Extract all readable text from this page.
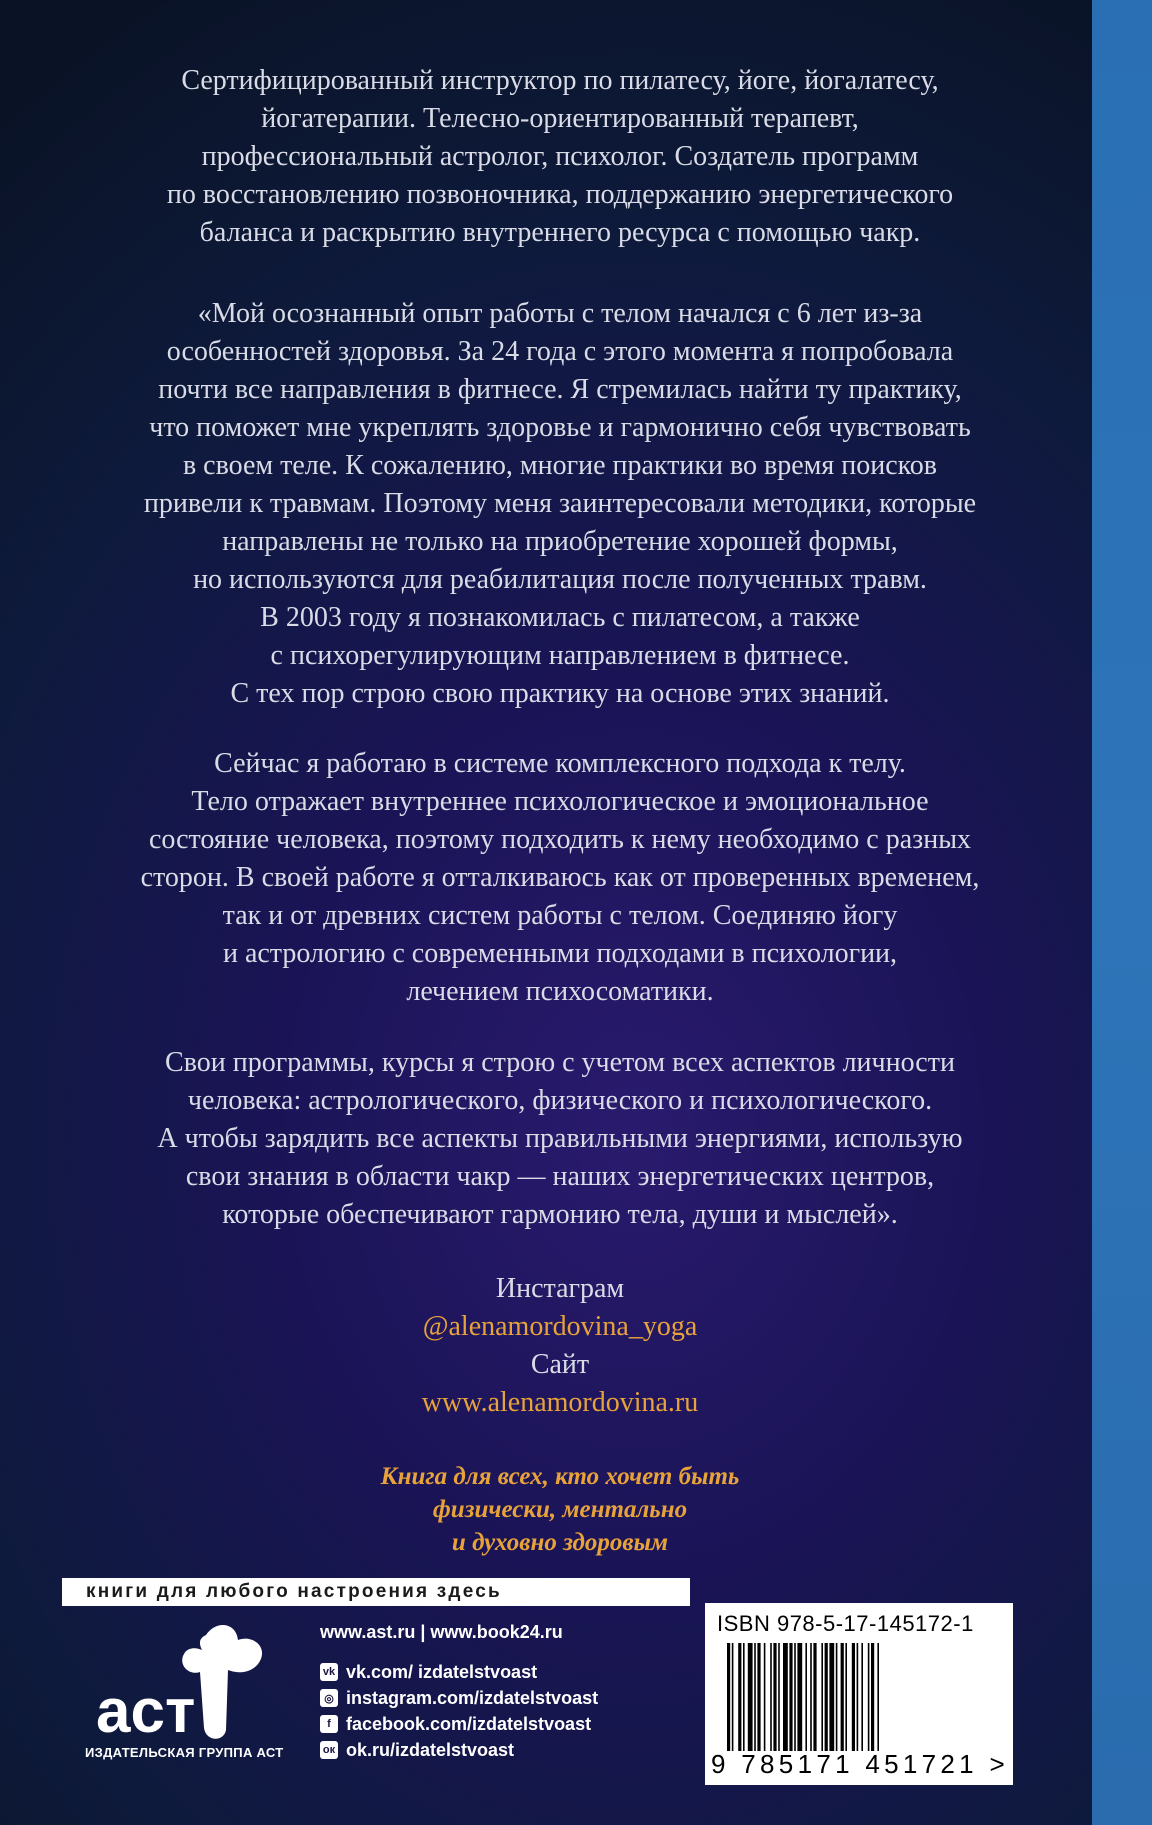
Сертифицированный инструктор по пилатесу, йоге, йогалатесу,

йогатерапии. Телесно-ориентированный терапевт,

профессиональный астролог, психолог. Создатель программ

по восстановлению позвоночника, поддержанию энергетического

баланса и раскрытию внутреннего ресурса с помощью чакр.

«Мой осознанный опыт работы с телом начался с 6 лет из-за

особенностей здоровья. За 24 года с этого момента я попробовала

почти все направления в фитнесе. Я стремилась найти ту практику,

что поможет мне укреплять здоровье и гармонично себя чувствовать

в своем теле. К сожалению, многие практики во время поисков

привели к травмам. Поэтому меня заинтересовали методики, которые

направлены не только на приобретение хорошей формы,

но используются для реабилитация после полученных травм.

В 2003 году я познакомилась с пилатесом, а также

с психорегулирующим направлением в фитнесе.

С тех пор строю свою практику на основе этих знаний.

Сейчас я работаю в системе комплексного подхода к телу.

Тело отражает внутреннее психологическое и эмоциональное

состояние человека, поэтому подходить к нему необходимо с разных

сторон. В своей работе я отталкиваюсь как от проверенных временем,

так и от древних систем работы с телом. Соединяю йогу

и астрологию с современными подходами в психологии,

лечением психосоматики.

Свои программы, курсы я строю с учетом всех аспектов личности

человека: астрологического, физического и психологического.

А чтобы зарядить все аспекты правильными энергиями, использую

свои знания в области чакр — наших энергетических центров,

которые обеспечивают гармонию тела, души и мыслей».

Инстаграм

@alenamordovina_yoga

Сайт

www.alenamordovina.ru

Книга для всех, кто хочет быть
физически, ментально
и духовно здоровым
книги для любого настроения здесь
аст
ИЗДАТЕЛЬСКАЯ ГРУППА АСТ
www.ast.ru | www.book24.ru
vk vk.com/ izdatelstvoast
◎ instagram.com/izdatelstvoast
f facebook.com/izdatelstvoast
ок ok.ru/izdatelstvoast
ISBN 978-5-17-145172-1
9 785171 451721 >
